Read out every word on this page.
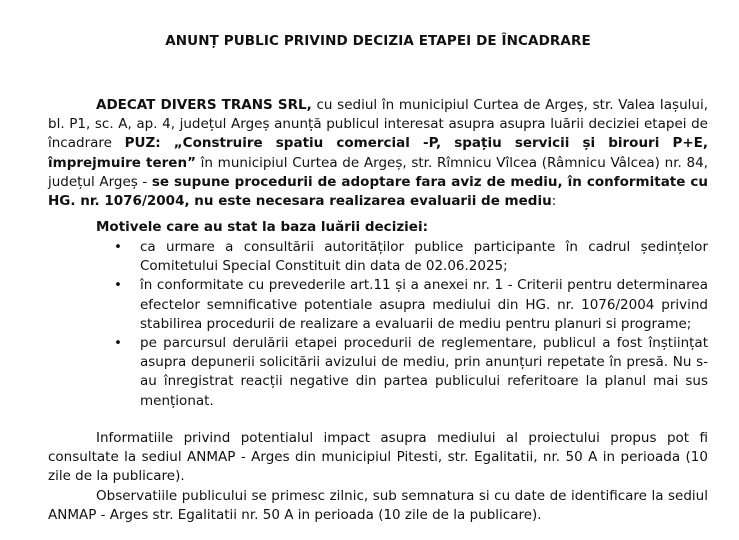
ANUNȚ PUBLIC PRIVIND DECIZIA ETAPEI DE ÎNCADRARE

ADECAT DIVERS TRANS SRL, cu sediul în municipiul Curtea de Argeș, str. Valea Iașului, bl. P1, sc. A, ap. 4, județul Argeș anunță publicul interesat asupra asupra luării deciziei etapei de încadrare PUZ: „Construire spatiu comercial -P, spațiu servicii și birouri P+E, împrejmuire teren” în municipiul Curtea de Argeș, str. Rîmnicu Vîlcea (Râmnicu Vâlcea) nr. 84, județul Argeș - se supune procedurii de adoptare fara aviz de mediu, în conformitate cu HG. nr. 1076/2004, nu este necesara realizarea evaluarii de mediu:

Motivele care au stat la baza luării deciziei:

• ca urmare a consultării autorităților publice participante în cadrul ședințelor Comitetului Special Constituit din data de 02.06.2025;
• în conformitate cu prevederile art.11 și a anexei nr. 1 - Criterii pentru determinarea efectelor semnificative potentiale asupra mediului din HG. nr. 1076/2004 privind stabilirea procedurii de realizare a evaluarii de mediu pentru planuri si programe;
• pe parcursul derulării etapei procedurii de reglementare, publicul a fost înștiințat asupra depunerii solicitării avizului de mediu, prin anunțuri repetate în presă. Nu s-au înregistrat reacții negative din partea publicului referitoare la planul mai sus menționat.

Informatiile privind potentialul impact asupra mediului al proiectului propus pot fi consultate la sediul ANMAP - Arges din municipiul Pitesti, str. Egalitatii, nr. 50 A in perioada (10 zile de la publicare).

Observatiile publicului se primesc zilnic, sub semnatura si cu date de identificare la sediul ANMAP - Arges str. Egalitatii nr. 50 A in perioada (10 zile de la publicare).
